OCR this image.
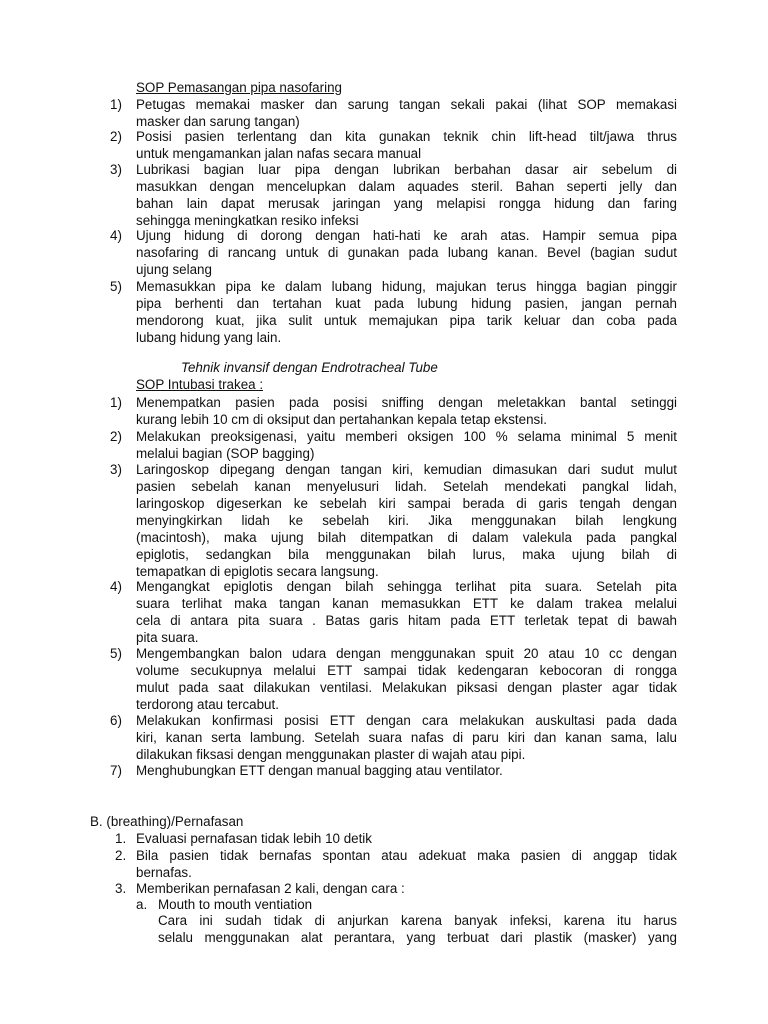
SOP Pemasangan pipa nasofaring
1) Petugas memakai masker dan sarung tangan sekali pakai (lihat SOP memakasi
masker dan sarung tangan)
2) Posisi pasien terlentang dan kita gunakan teknik chin lift-head tilt/jawa thrus
untuk mengamankan jalan nafas secara manual
3) Lubrikasi bagian luar pipa dengan lubrikan berbahan dasar air sebelum di
masukkan dengan mencelupkan dalam aquades steril. Bahan seperti jelly dan
bahan lain dapat merusak jaringan yang melapisi rongga hidung dan faring
sehingga meningkatkan resiko infeksi
4) Ujung hidung di dorong dengan hati-hati ke arah atas. Hampir semua pipa
nasofaring di rancang untuk di gunakan pada lubang kanan. Bevel (bagian sudut
ujung selang
5) Memasukkan pipa ke dalam lubang hidung, majukan terus hingga bagian pinggir
pipa berhenti dan tertahan kuat pada lubung hidung pasien, jangan pernah
mendorong kuat, jika sulit untuk memajukan pipa tarik keluar dan coba pada
lubang hidung yang lain.
Tehnik invansif dengan Endrotracheal Tube
SOP Intubasi trakea :
1) Menempatkan pasien pada posisi sniffing dengan meletakkan bantal setinggi
kurang lebih 10 cm di oksiput dan pertahankan kepala tetap ekstensi.
2) Melakukan preoksigenasi, yaitu memberi oksigen 100 % selama minimal 5 menit
melalui bagian (SOP bagging)
3) Laringoskop dipegang dengan tangan kiri, kemudian dimasukan dari sudut mulut
pasien sebelah kanan menyelusuri lidah. Setelah mendekati pangkal lidah,
laringoskop digeserkan ke sebelah kiri sampai berada di garis tengah dengan
menyingkirkan lidah ke sebelah kiri. Jika menggunakan bilah lengkung
(macintosh), maka ujung bilah ditempatkan di dalam valekula pada pangkal
epiglotis, sedangkan bila menggunakan bilah lurus, maka ujung bilah di
temapatkan di epiglotis secara langsung.
4) Mengangkat epiglotis dengan bilah sehingga terlihat pita suara. Setelah pita
suara terlihat maka tangan kanan memasukkan ETT ke dalam trakea melalui
cela di antara pita suara . Batas garis hitam pada ETT terletak tepat di bawah
pita suara.
5) Mengembangkan balon udara dengan menggunakan spuit 20 atau 10 cc dengan
volume secukupnya melalui ETT sampai tidak kedengaran kebocoran di rongga
mulut pada saat dilakukan ventilasi. Melakukan piksasi dengan plaster agar tidak
terdorong atau tercabut.
6) Melakukan konfirmasi posisi ETT dengan cara melakukan auskultasi pada dada
kiri, kanan serta lambung. Setelah suara nafas di paru kiri dan kanan sama, lalu
dilakukan fiksasi dengan menggunakan plaster di wajah atau pipi.
7) Menghubungkan ETT dengan manual bagging atau ventilator.
B. (breathing)/Pernafasan
1. Evaluasi pernafasan tidak lebih 10 detik
2. Bila pasien tidak bernafas spontan atau adekuat maka pasien di anggap tidak
bernafas.
3. Memberikan pernafasan 2 kali, dengan cara :
a. Mouth to mouth ventiation
Cara ini sudah tidak di anjurkan karena banyak infeksi, karena itu harus
selalu menggunakan alat perantara, yang terbuat dari plastik (masker) yang
